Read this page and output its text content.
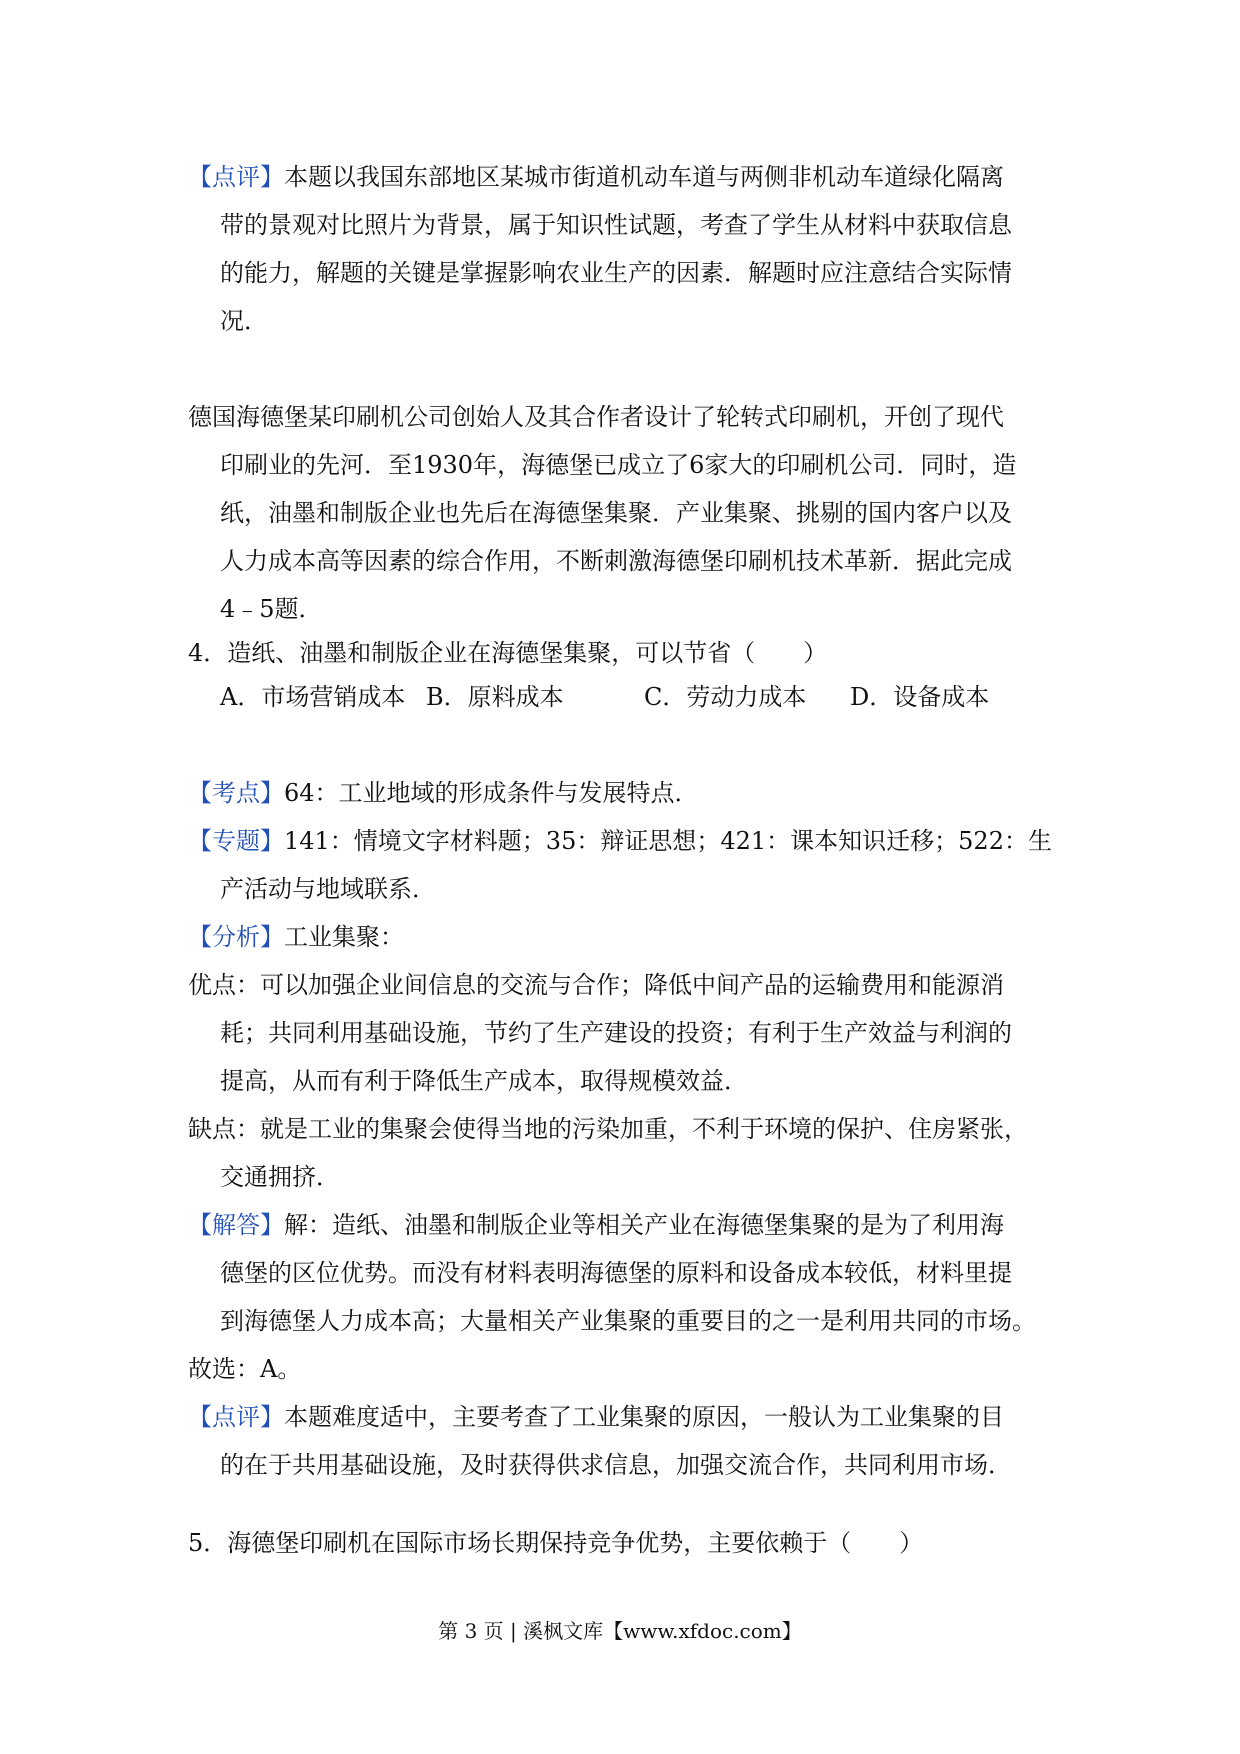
【点评】本题以我国东部地区某城市街道机动车道与两侧非机动车道绿化隔离
带的景观对比照片为背景，属于知识性试题，考查了学生从材料中获取信息
的能力，解题的关键是掌握影响农业生产的因素．解题时应注意结合实际情
况．
德国海德堡某印刷机公司创始人及其合作者设计了轮转式印刷机，开创了现代
印刷业的先河．至1930年，海德堡已成立了6家大的印刷机公司．同时，造
纸，油墨和制版企业也先后在海德堡集聚．产业集聚、挑剔的国内客户以及
人力成本高等因素的综合作用，不断刺激海德堡印刷机技术革新．据此完成
4﹣5题．
4．造纸、油墨和制版企业在海德堡集聚，可以节省（　　）
A．市场营销成本 B．原料成本	C．劳动力成本 D．设备成本
【考点】64：工业地域的形成条件与发展特点．
【专题】141：情境文字材料题；35：辩证思想；421：课本知识迁移；522：生
产活动与地域联系．
【分析】工业集聚：
优点：可以加强企业间信息的交流与合作；降低中间产品的运输费用和能源消
耗；共同利用基础设施，节约了生产建设的投资；有利于生产效益与利润的
提高，从而有利于降低生产成本，取得规模效益．
缺点：就是工业的集聚会使得当地的污染加重，不利于环境的保护、住房紧张，
交通拥挤．
【解答】解：造纸、油墨和制版企业等相关产业在海德堡集聚的是为了利用海
德堡的区位优势。而没有材料表明海德堡的原料和设备成本较低，材料里提
到海德堡人力成本高；大量相关产业集聚的重要目的之一是利用共同的市场。
故选：A。
【点评】本题难度适中，主要考查了工业集聚的原因，一般认为工业集聚的目
的在于共用基础设施，及时获得供求信息，加强交流合作，共同利用市场．
5．海德堡印刷机在国际市场长期保持竞争优势，主要依赖于（　　）
第 3 页 | 溪枫文库【www.xfdoc.com】
